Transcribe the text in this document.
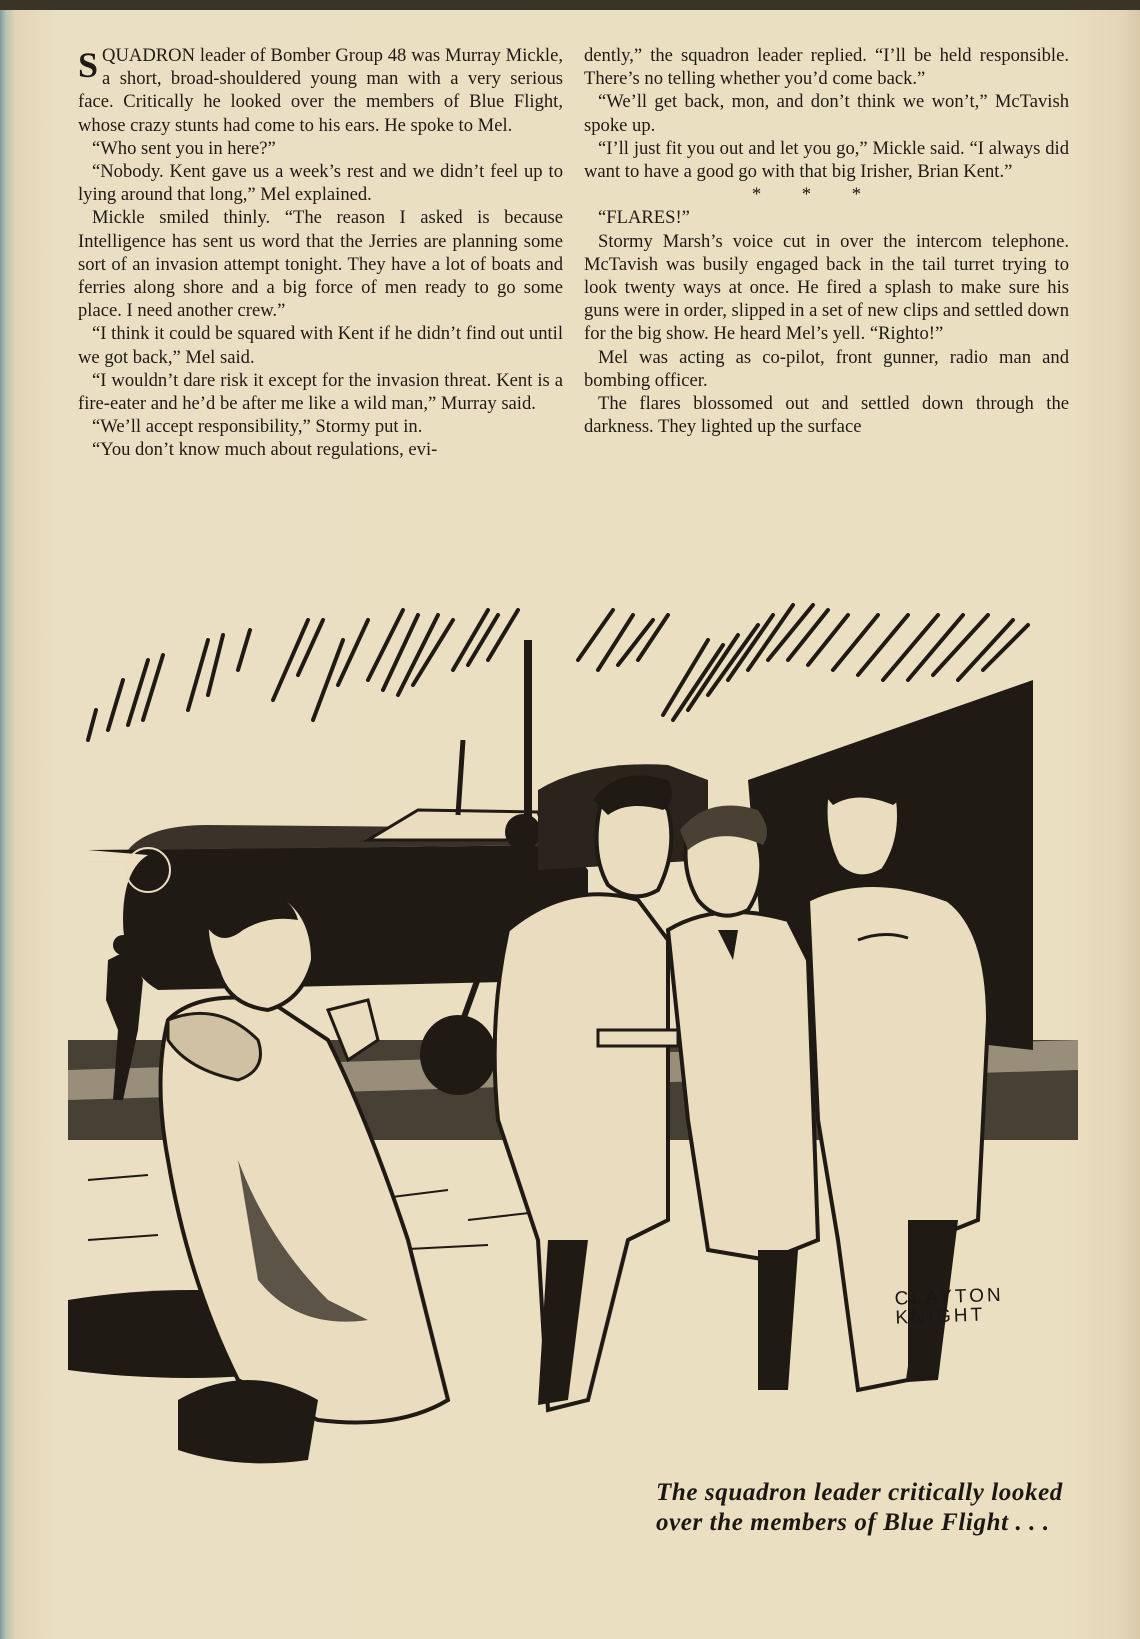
SQUADRON leader of Bomber Group 48 was Murray Mickle, a short, broad-shouldered young man with a very serious face. Critically he looked over the members of Blue Flight, whose crazy stunts had come to his ears. He spoke to Mel.

“Who sent you in here?”

“Nobody. Kent gave us a week’s rest and we didn’t feel up to lying around that long,” Mel explained.

Mickle smiled thinly. “The reason I asked is because Intelligence has sent us word that the Jerries are planning some sort of an invasion attempt tonight. They have a lot of boats and ferries along shore and a big force of men ready to go some place. I need another crew.”

“I think it could be squared with Kent if he didn’t find out until we got back,” Mel said.

“I wouldn’t dare risk it except for the invasion threat. Kent is a fire-eater and he’d be after me like a wild man,” Murray said.

“We’ll accept responsibility,” Stormy put in.

“You don’t know much about regulations, evi-

dently,” the squadron leader replied. “I’ll be held responsible. There’s no telling whether you’d come back.”

“We’ll get back, mon, and don’t think we won’t,” McTavish spoke up.

“I’ll just fit you out and let you go,” Mickle said. “I always did want to have a good go with that big Irisher, Brian Kent.”

* * *

“FLARES!”

Stormy Marsh’s voice cut in over the intercom telephone. McTavish was busily engaged back in the tail turret trying to look twenty ways at once. He fired a splash to make sure his guns were in order, slipped in a set of new clips and settled down for the big show. He heard Mel’s yell. “Righto!”

Mel was acting as co-pilot, front gunner, radio man and bombing officer.

The flares blossomed out and settled down through the darkness. They lighted up the surface

CLAYTON
KNIGHT
The squadron leader critically looked over the members of Blue Flight . . .
